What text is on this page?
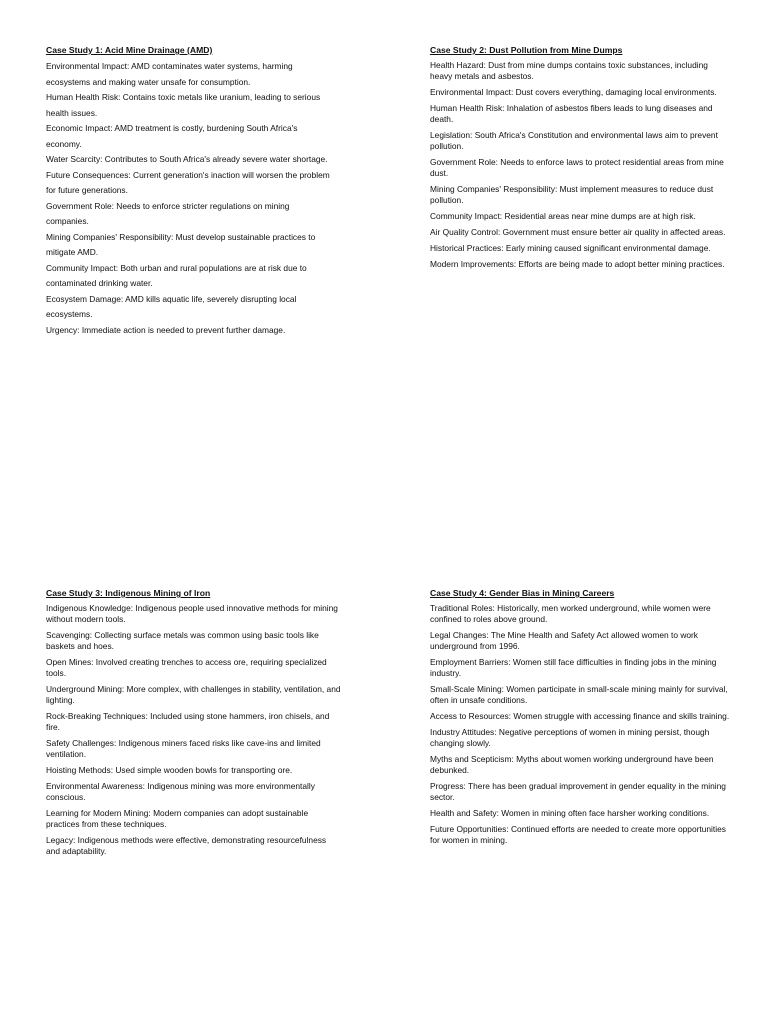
Case Study 1: Acid Mine Drainage (AMD)
Environmental Impact: AMD contaminates water systems, harming ecosystems and making water unsafe for consumption.
Human Health Risk: Contains toxic metals like uranium, leading to serious health issues.
Economic Impact: AMD treatment is costly, burdening South Africa's economy.
Water Scarcity: Contributes to South Africa's already severe water shortage.
Future Consequences: Current generation's inaction will worsen the problem for future generations.
Government Role: Needs to enforce stricter regulations on mining companies.
Mining Companies' Responsibility: Must develop sustainable practices to mitigate AMD.
Community Impact: Both urban and rural populations are at risk due to contaminated drinking water.
Ecosystem Damage: AMD kills aquatic life, severely disrupting local ecosystems.
Urgency: Immediate action is needed to prevent further damage.
Case Study 2: Dust Pollution from Mine Dumps
Health Hazard: Dust from mine dumps contains toxic substances, including heavy metals and asbestos.
Environmental Impact: Dust covers everything, damaging local environments.
Human Health Risk: Inhalation of asbestos fibers leads to lung diseases and death.
Legislation: South Africa's Constitution and environmental laws aim to prevent pollution.
Government Role: Needs to enforce laws to protect residential areas from mine dust.
Mining Companies' Responsibility: Must implement measures to reduce dust pollution.
Community Impact: Residential areas near mine dumps are at high risk.
Air Quality Control: Government must ensure better air quality in affected areas.
Historical Practices: Early mining caused significant environmental damage.
Modern Improvements: Efforts are being made to adopt better mining practices.
Case Study 3: Indigenous Mining of Iron
Indigenous Knowledge: Indigenous people used innovative methods for mining without modern tools.
Scavenging: Collecting surface metals was common using basic tools like baskets and hoes.
Open Mines: Involved creating trenches to access ore, requiring specialized tools.
Underground Mining: More complex, with challenges in stability, ventilation, and lighting.
Rock-Breaking Techniques: Included using stone hammers, iron chisels, and fire.
Safety Challenges: Indigenous miners faced risks like cave-ins and limited ventilation.
Hoisting Methods: Used simple wooden bowls for transporting ore.
Environmental Awareness: Indigenous mining was more environmentally conscious.
Learning for Modern Mining: Modern companies can adopt sustainable practices from these techniques.
Legacy: Indigenous methods were effective, demonstrating resourcefulness and adaptability.
Case Study 4: Gender Bias in Mining Careers
Traditional Roles: Historically, men worked underground, while women were confined to roles above ground.
Legal Changes: The Mine Health and Safety Act allowed women to work underground from 1996.
Employment Barriers: Women still face difficulties in finding jobs in the mining industry.
Small-Scale Mining: Women participate in small-scale mining mainly for survival, often in unsafe conditions.
Access to Resources: Women struggle with accessing finance and skills training.
Industry Attitudes: Negative perceptions of women in mining persist, though changing slowly.
Myths and Scepticism: Myths about women working underground have been debunked.
Progress: There has been gradual improvement in gender equality in the mining sector.
Health and Safety: Women in mining often face harsher working conditions.
Future Opportunities: Continued efforts are needed to create more opportunities for women in mining.
